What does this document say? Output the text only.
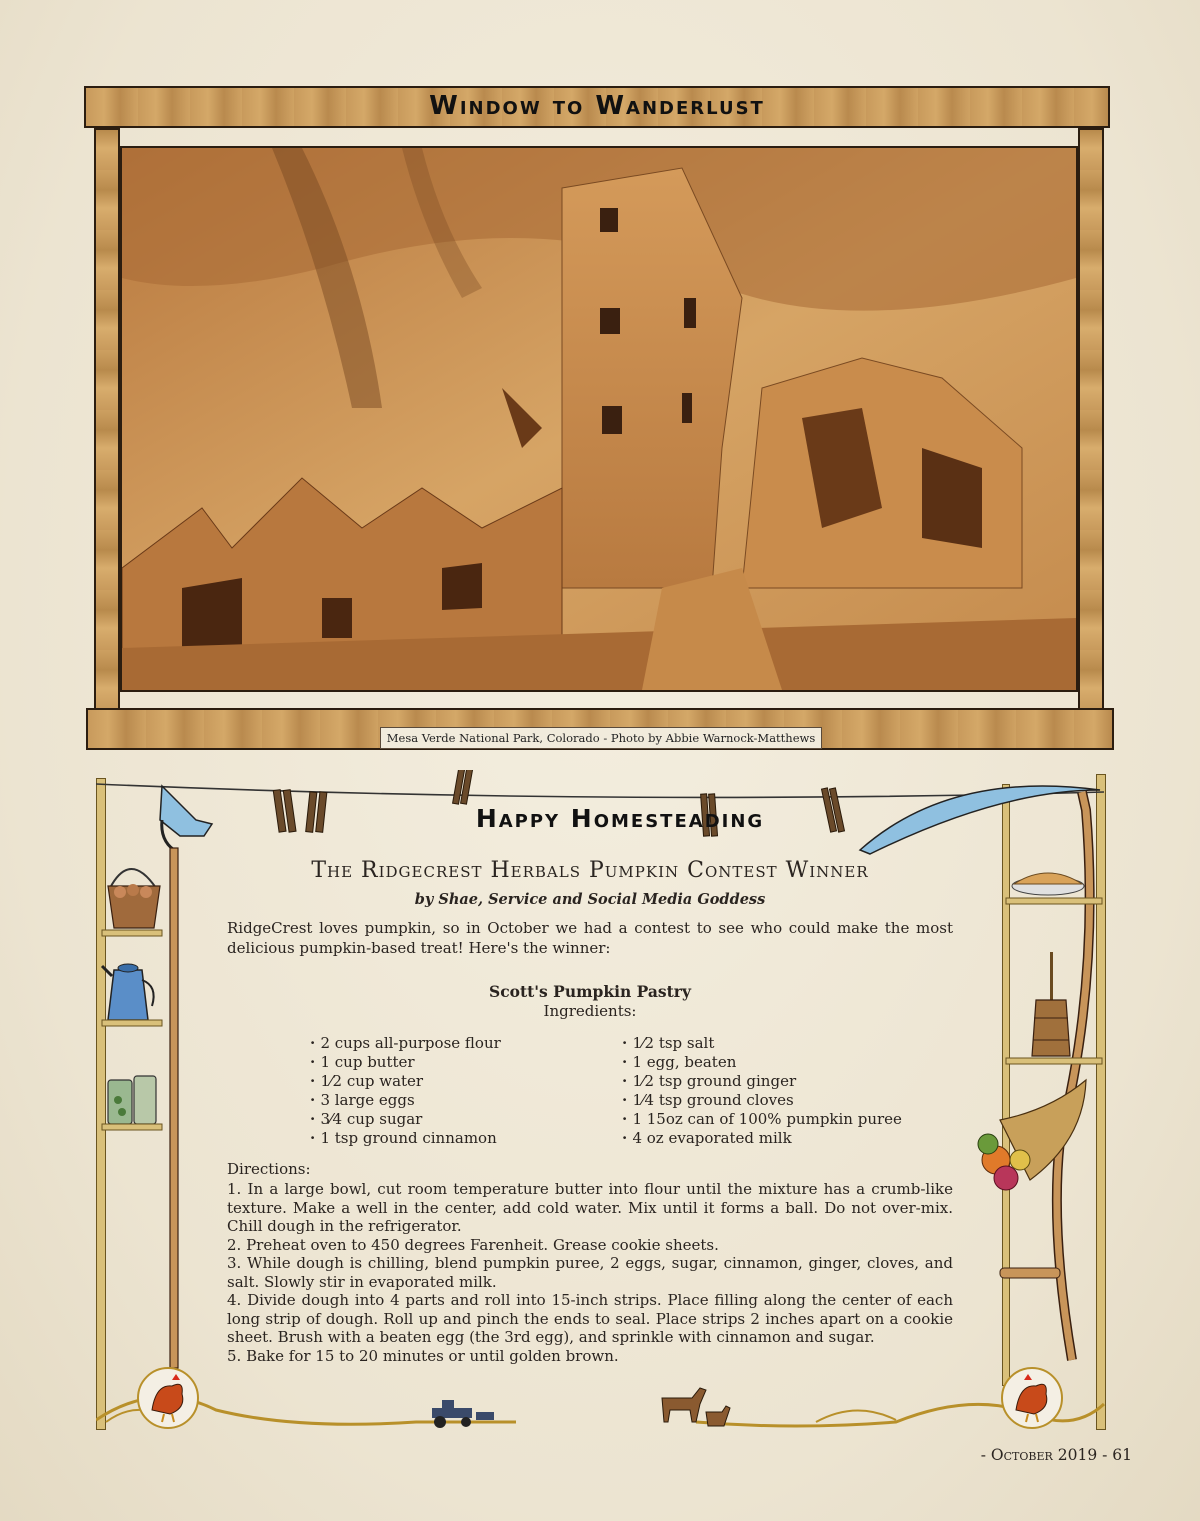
Window to Wanderlust
Mesa Verde National Park, Colorado - Photo by Abbie Warnock-Matthews
Happy Homesteading
The Ridgecrest Herbals Pumpkin Contest Winner
by Shae, Service and Social Media Goddess
RidgeCrest loves pumpkin, so in October we had a contest to see who could make the most delicious pumpkin-based treat! Here's the winner:
Scott's Pumpkin Pastry
Ingredients:
· 2 cups all-purpose flour
· 1 cup butter
· 1⁄2 cup water
· 3 large eggs
· 3⁄4 cup sugar
· 1 tsp ground cinnamon
· 1⁄2 tsp salt
· 1 egg, beaten
· 1⁄2 tsp ground ginger
· 1⁄4 tsp ground cloves
· 1 15oz can of 100% pumpkin puree
· 4 oz evaporated milk
Directions:
1. In a large bowl, cut room temperature butter into flour until the mixture has a crumb-like texture. Make a well in the center, add cold water. Mix until it forms a ball. Do not over-mix. Chill dough in the refrigerator.
2. Preheat oven to 450 degrees Farenheit. Grease cookie sheets.
3. While dough is chilling, blend pumpkin puree, 2 eggs, sugar, cinnamon, ginger, cloves, and salt. Slowly stir in evaporated milk.
4. Divide dough into 4 parts and roll into 15-inch strips. Place filling along the center of each long strip of dough. Roll up and pinch the ends to seal. Place strips 2 inches apart on a cookie sheet. Brush with a beaten egg (the 3rd egg), and sprinkle with cinnamon and sugar.
5. Bake for 15 to 20 minutes or until golden brown.
- October 2019 - 61
